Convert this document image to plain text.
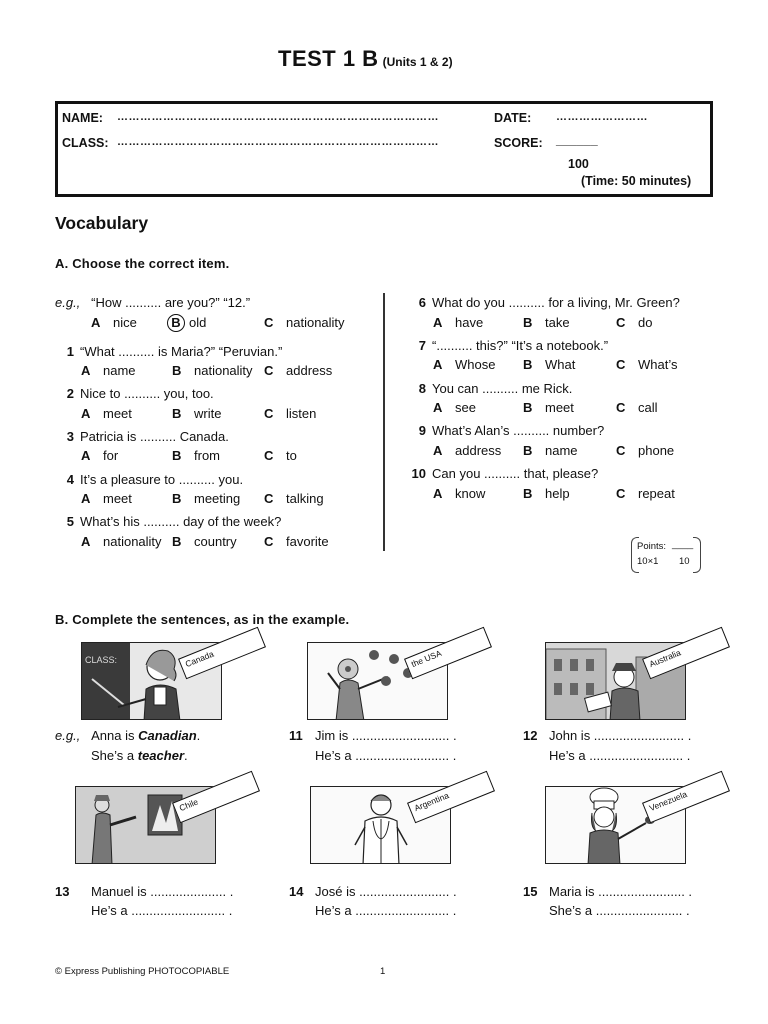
TEST 1 B (Units 1 & 2)
NAME: …………………………………………………………………………	DATE: ……………………
CLASS: …………………………………………………………………………	SCORE: ______
100
(Time: 50 minutes)
Vocabulary
A. Choose the correct item.
e.g., “How .......... are you?” “12.”
A nice	B old	C nationality
1 “What .......... is Maria?” “Peruvian.”
A name	B nationality C address
2 Nice to .......... you, too.
A meet	B write	C listen
3 Patricia is .......... Canada.
A for	B from	C to
4 It’s a pleasure to .......... you.
A meet	B meeting C talking
5 What’s his .......... day of the week?
A nationality B country C favorite
6 What do you .......... for a living, Mr. Green?
A have	B take	C do
7 “.......... this?” “It’s a notebook.”
A Whose B What	C What’s
8 You can .......... me Rick.
A see	B meet	C call
9 What’s Alan’s .......... number?
A address B name	C phone
10 Can you .......... that, please?
A know	B help	C repeat
Points: ____
10×1 10
B. Complete the sentences, as in the example.
CLASS:	Canada	the USA	Australia
e.g., Anna is Canadian.
She’s a teacher.
11 Jim is ........................... .
He’s a .......................... .
12 John is ......................... .
He’s a .......................... .
Chile	Argentina	Venezuela
13 Manuel is ..................... .
He’s a .......................... .
14 José is ......................... .
He’s a .......................... .
15 Maria is ........................ .
She’s a ........................ .
© Express Publishing PHOTOCOPIABLE	1
